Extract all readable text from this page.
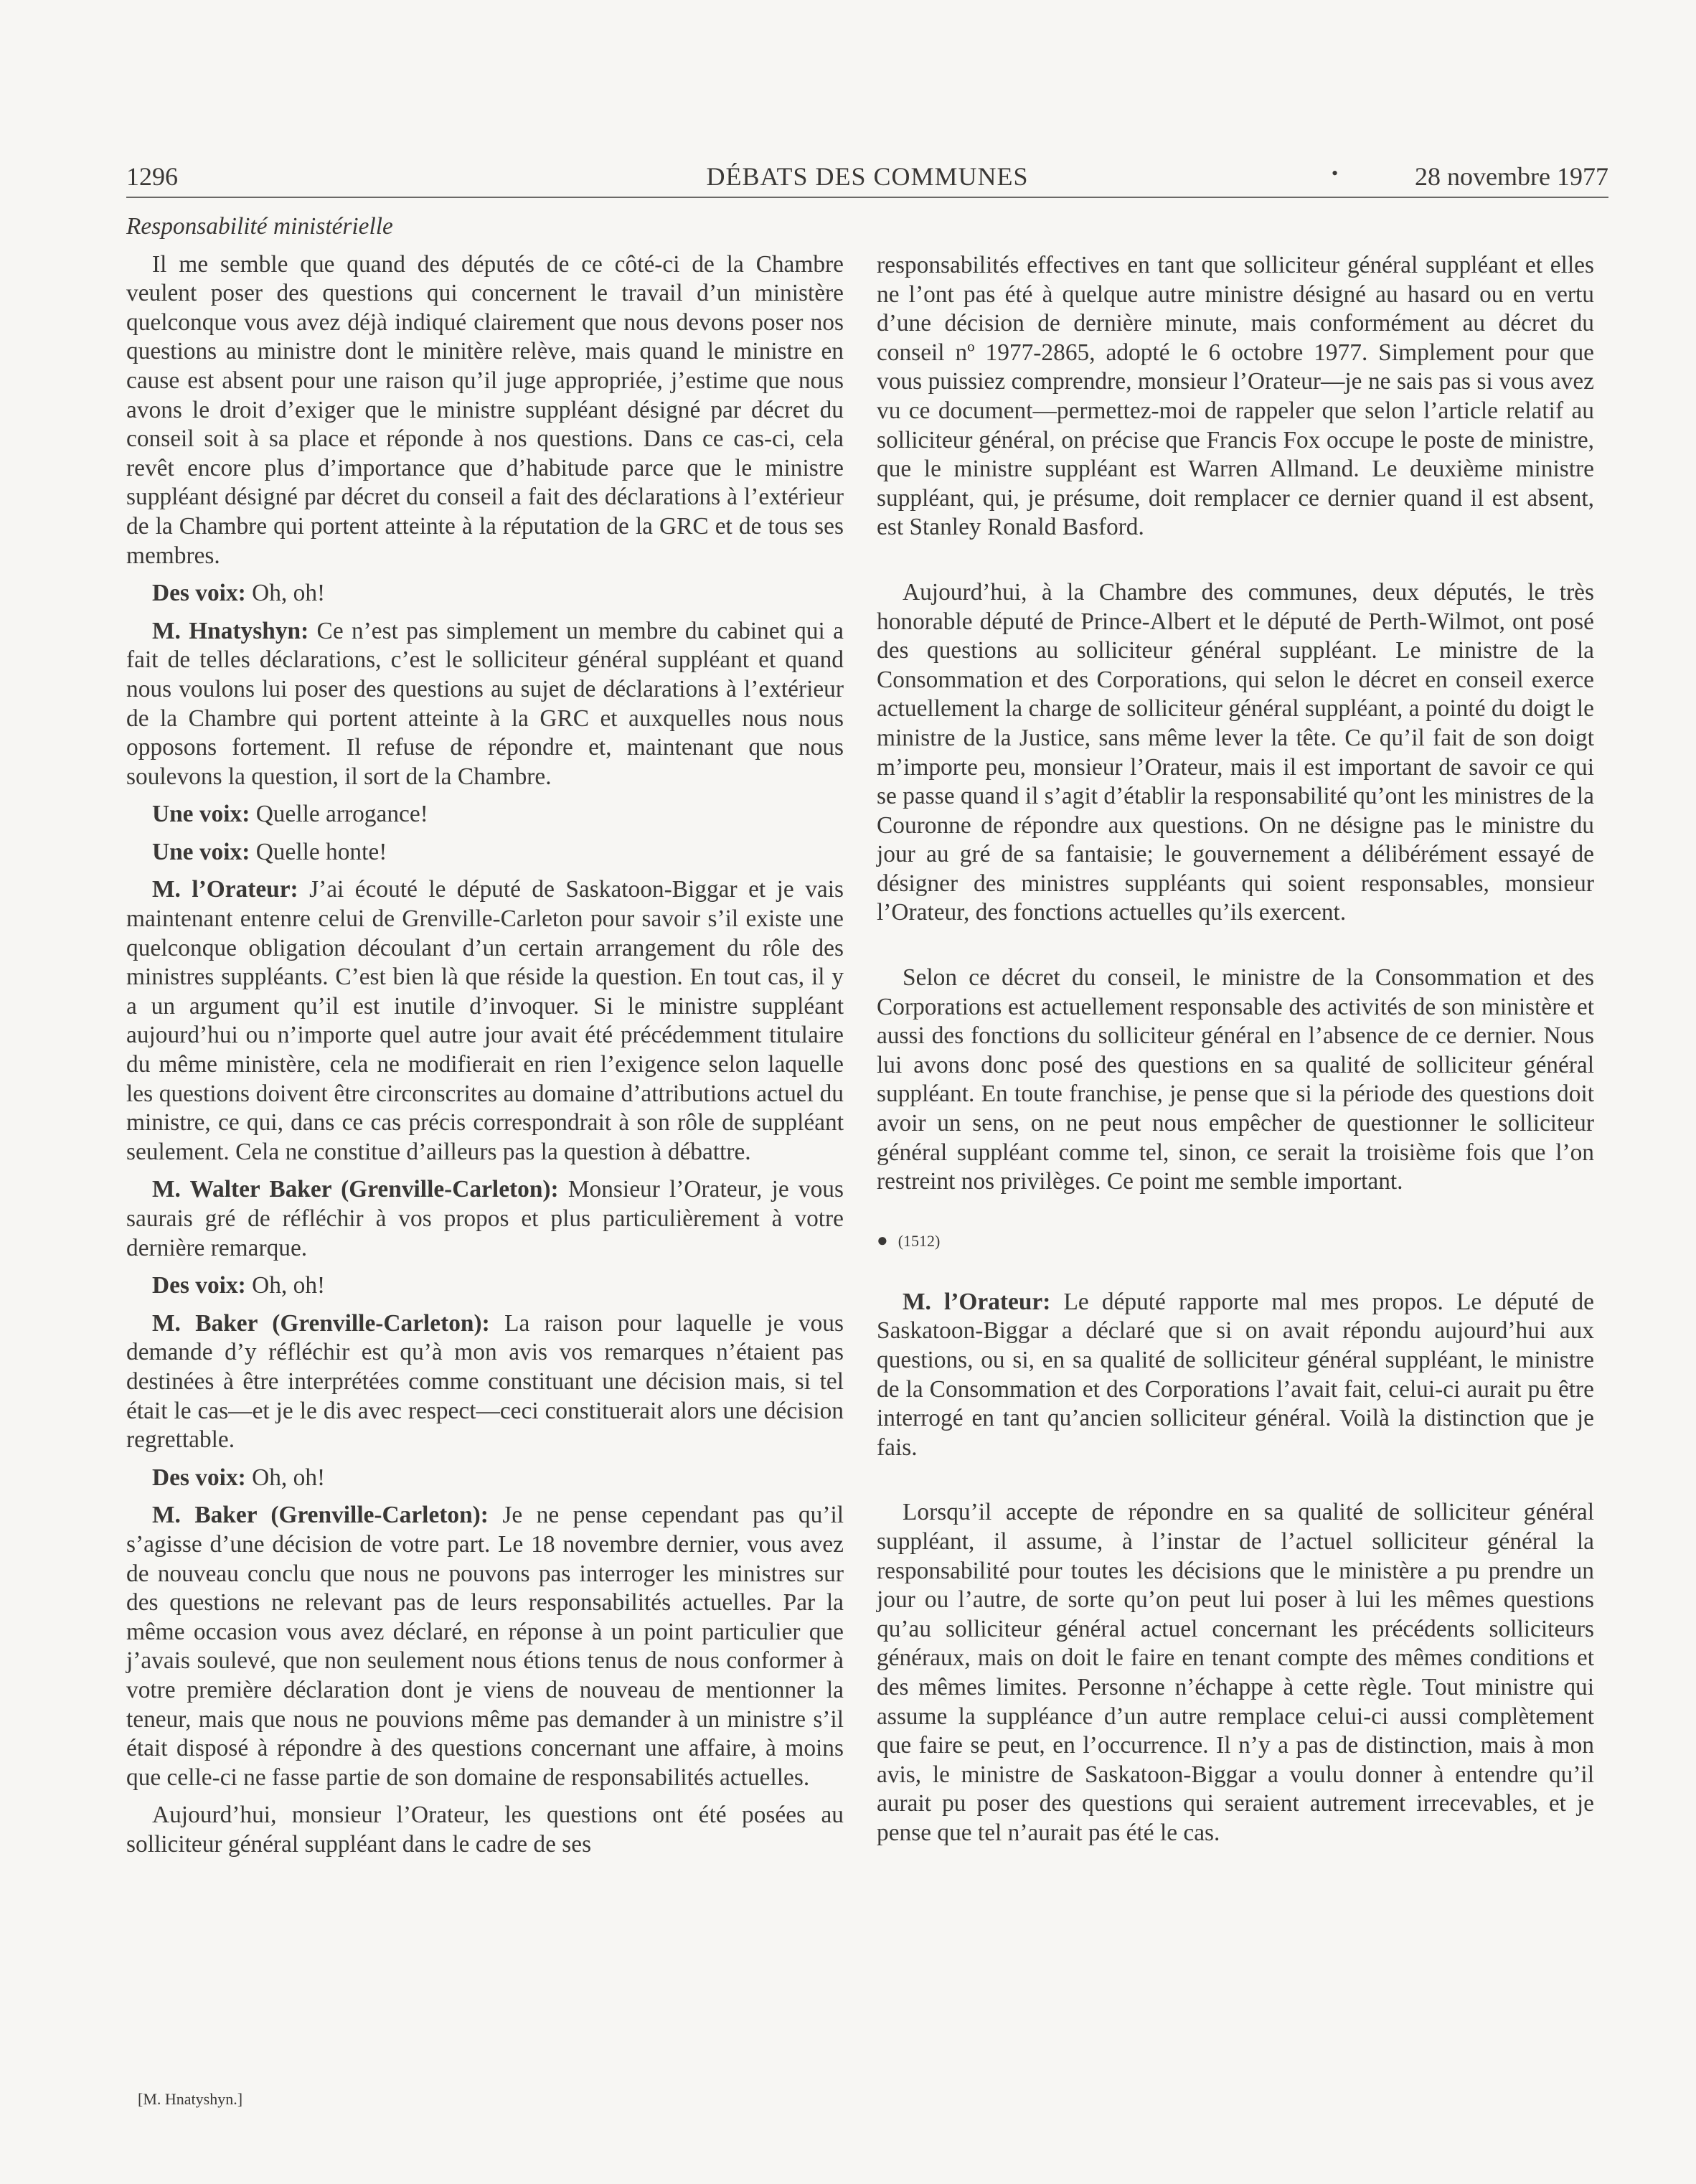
1296	DÉBATS DES COMMUNES	•	28 novembre 1977

Responsabilité ministérielle

Il me semble que quand des députés de ce côté-ci de la Chambre veulent poser des questions qui concernent le travail d’un ministère quelconque vous avez déjà indiqué clairement que nous devons poser nos questions au ministre dont le minitère relève, mais quand le ministre en cause est absent pour une raison qu’il juge appropriée, j’estime que nous avons le droit d’exiger que le ministre suppléant désigné par décret du conseil soit à sa place et réponde à nos questions. Dans ce cas-ci, cela revêt encore plus d’importance que d’habitude parce que le ministre suppléant désigné par décret du conseil a fait des déclarations à l’extérieur de la Chambre qui portent atteinte à la réputation de la GRC et de tous ses membres.

Des voix: Oh, oh!

M. Hnatyshyn: Ce n’est pas simplement un membre du cabinet qui a fait de telles déclarations, c’est le solliciteur général suppléant et quand nous voulons lui poser des questions au sujet de déclarations à l’extérieur de la Chambre qui portent atteinte à la GRC et auxquelles nous nous opposons fortement. Il refuse de répondre et, maintenant que nous soulevons la question, il sort de la Chambre.

Une voix: Quelle arrogance!

Une voix: Quelle honte!

M. l’Orateur: J’ai écouté le député de Saskatoon-Biggar et je vais maintenant entenre celui de Grenville-Carleton pour savoir s’il existe une quelconque obligation découlant d’un certain arrangement du rôle des ministres suppléants. C’est bien là que réside la question. En tout cas, il y a un argument qu’il est inutile d’invoquer. Si le ministre suppléant aujourd’hui ou n’importe quel autre jour avait été précédemment titulaire du même ministère, cela ne modifierait en rien l’exigence selon laquelle les questions doivent être circonscrites au domaine d’attributions actuel du ministre, ce qui, dans ce cas précis correspondrait à son rôle de suppléant seulement. Cela ne constitue d’ailleurs pas la question à débattre.

M. Walter Baker (Grenville-Carleton): Monsieur l’Orateur, je vous saurais gré de réfléchir à vos propos et plus particulièrement à votre dernière remarque.

Des voix: Oh, oh!

M. Baker (Grenville-Carleton): La raison pour laquelle je vous demande d’y réfléchir est qu’à mon avis vos remarques n’étaient pas destinées à être interprétées comme constituant une décision mais, si tel était le cas—et je le dis avec respect—ceci constituerait alors une décision regrettable.

Des voix: Oh, oh!

M. Baker (Grenville-Carleton): Je ne pense cependant pas qu’il s’agisse d’une décision de votre part. Le 18 novembre dernier, vous avez de nouveau conclu que nous ne pouvons pas interroger les ministres sur des questions ne relevant pas de leurs responsabilités actuelles. Par la même occasion vous avez déclaré, en réponse à un point particulier que j’avais soulevé, que non seulement nous étions tenus de nous conformer à votre première déclaration dont je viens de nouveau de mentionner la teneur, mais que nous ne pouvions même pas demander à un ministre s’il était disposé à répondre à des questions concernant une affaire, à moins que celle-ci ne fasse partie de son domaine de responsabilités actuelles.

Aujourd’hui, monsieur l’Orateur, les questions ont été posées au solliciteur général suppléant dans le cadre de ses

responsabilités effectives en tant que solliciteur général suppléant et elles ne l’ont pas été à quelque autre ministre désigné au hasard ou en vertu d’une décision de dernière minute, mais conformément au décret du conseil nº 1977-2865, adopté le 6 octobre 1977. Simplement pour que vous puissiez comprendre, monsieur l’Orateur—je ne sais pas si vous avez vu ce document—permettez-moi de rappeler que selon l’article relatif au solliciteur général, on précise que Francis Fox occupe le poste de ministre, que le ministre suppléant est Warren Allmand. Le deuxième ministre suppléant, qui, je présume, doit remplacer ce dernier quand il est absent, est Stanley Ronald Basford.

Aujourd’hui, à la Chambre des communes, deux députés, le très honorable député de Prince-Albert et le député de Perth-Wilmot, ont posé des questions au solliciteur général suppléant. Le ministre de la Consommation et des Corporations, qui selon le décret en conseil exerce actuellement la charge de solliciteur général suppléant, a pointé du doigt le ministre de la Justice, sans même lever la tête. Ce qu’il fait de son doigt m’importe peu, monsieur l’Orateur, mais il est important de savoir ce qui se passe quand il s’agit d’établir la responsabilité qu’ont les ministres de la Couronne de répondre aux questions. On ne désigne pas le ministre du jour au gré de sa fantaisie; le gouvernement a délibérément essayé de désigner des ministres suppléants qui soient responsables, monsieur l’Orateur, des fonctions actuelles qu’ils exercent.

Selon ce décret du conseil, le ministre de la Consommation et des Corporations est actuellement responsable des activités de son ministère et aussi des fonctions du solliciteur général en l’absence de ce dernier. Nous lui avons donc posé des questions en sa qualité de solliciteur général suppléant. En toute franchise, je pense que si la période des questions doit avoir un sens, on ne peut nous empêcher de questionner le solliciteur général suppléant comme tel, sinon, ce serait la troisième fois que l’on restreint nos privilèges. Ce point me semble important.

● (1512)

M. l’Orateur: Le député rapporte mal mes propos. Le député de Saskatoon-Biggar a déclaré que si on avait répondu aujourd’hui aux questions, ou si, en sa qualité de solliciteur général suppléant, le ministre de la Consommation et des Corporations l’avait fait, celui-ci aurait pu être interrogé en tant qu’ancien solliciteur général. Voilà la distinction que je fais.

Lorsqu’il accepte de répondre en sa qualité de solliciteur général suppléant, il assume, à l’instar de l’actuel solliciteur général la responsabilité pour toutes les décisions que le ministère a pu prendre un jour ou l’autre, de sorte qu’on peut lui poser à lui les mêmes questions qu’au solliciteur général actuel concernant les précédents solliciteurs généraux, mais on doit le faire en tenant compte des mêmes conditions et des mêmes limites. Personne n’échappe à cette règle. Tout ministre qui assume la suppléance d’un autre remplace celui-ci aussi complètement que faire se peut, en l’occurrence. Il n’y a pas de distinction, mais à mon avis, le ministre de Saskatoon-Biggar a voulu donner à entendre qu’il aurait pu poser des questions qui seraient autrement irrecevables, et je pense que tel n’aurait pas été le cas.

[M. Hnatyshyn.]
